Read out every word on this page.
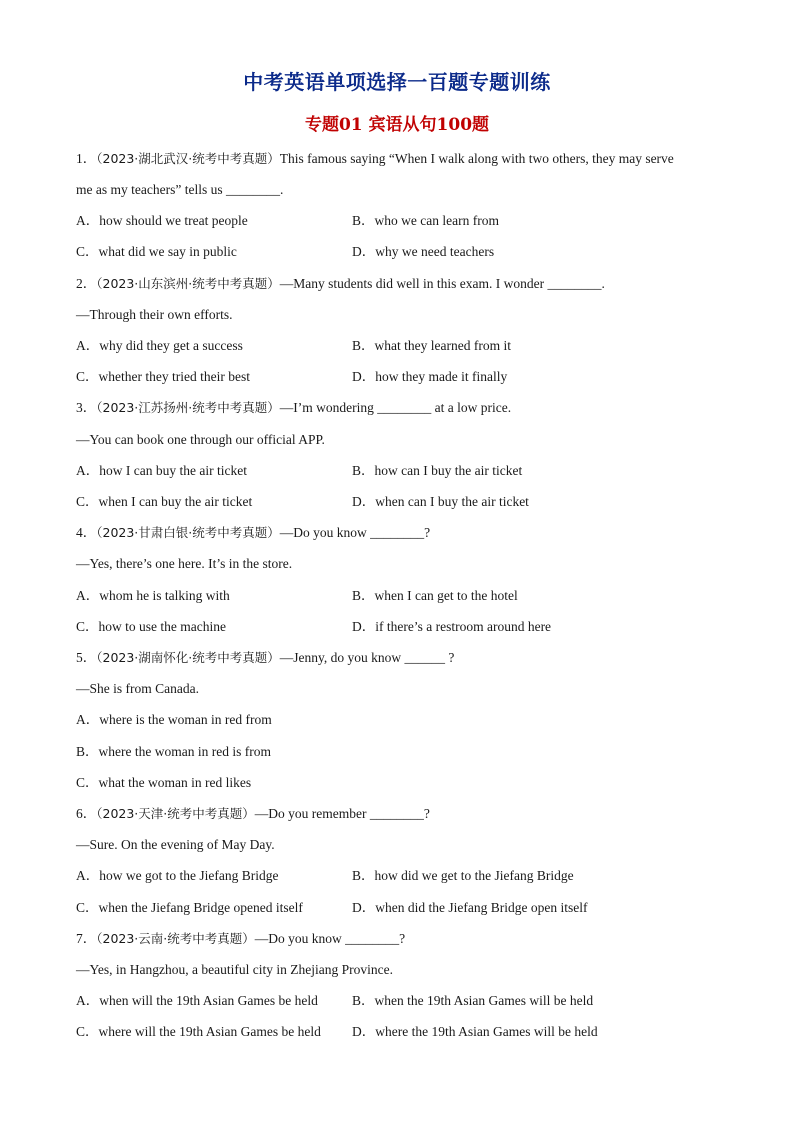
中考英语单项选择一百题专题训练
专题01 宾语从句100题
1．（2023·湖北武汉·统考中考真题）This famous saying “When I walk along with two others, they may serve
me as my teachers” tells us ________.
A．how should we treat people	B．who we can learn from
C．what did we say in public	D．why we need teachers
2．（2023·山东滨州·统考中考真题）—Many students did well in this exam. I wonder ________.
—Through their own efforts.
A．why did they get a success	B．what they learned from it
C．whether they tried their best	D．how they made it finally
3．（2023·江苏扬州·统考中考真题）—I’m wondering ________ at a low price.
—You can book one through our official APP.
A．how I can buy the air ticket	B．how can I buy the air ticket
C．when I can buy the air ticket	D．when can I buy the air ticket
4．（2023·甘肃白银·统考中考真题）—Do you know ________?
—Yes, there’s one here. It’s in the store.
A．whom he is talking with	B．when I can get to the hotel
C．how to use the machine	D．if there’s a restroom around here
5．（2023·湖南怀化·统考中考真题）—Jenny, do you know ______ ?
—She is from Canada.
A．where is the woman in red from
B．where the woman in red is from
C．what the woman in red likes
6．（2023·天津·统考中考真题）—Do you remember ________?
—Sure. On the evening of May Day.
A．how we got to the Jiefang Bridge	B．how did we get to the Jiefang Bridge
C．when the Jiefang Bridge opened itself	D．when did the Jiefang Bridge open itself
7．（2023·云南·统考中考真题）—Do you know ________?
—Yes, in Hangzhou, a beautiful city in Zhejiang Province.
A．when will the 19th Asian Games be held	B．when the 19th Asian Games will be held
C．where will the 19th Asian Games be held D．where the 19th Asian Games will be held
